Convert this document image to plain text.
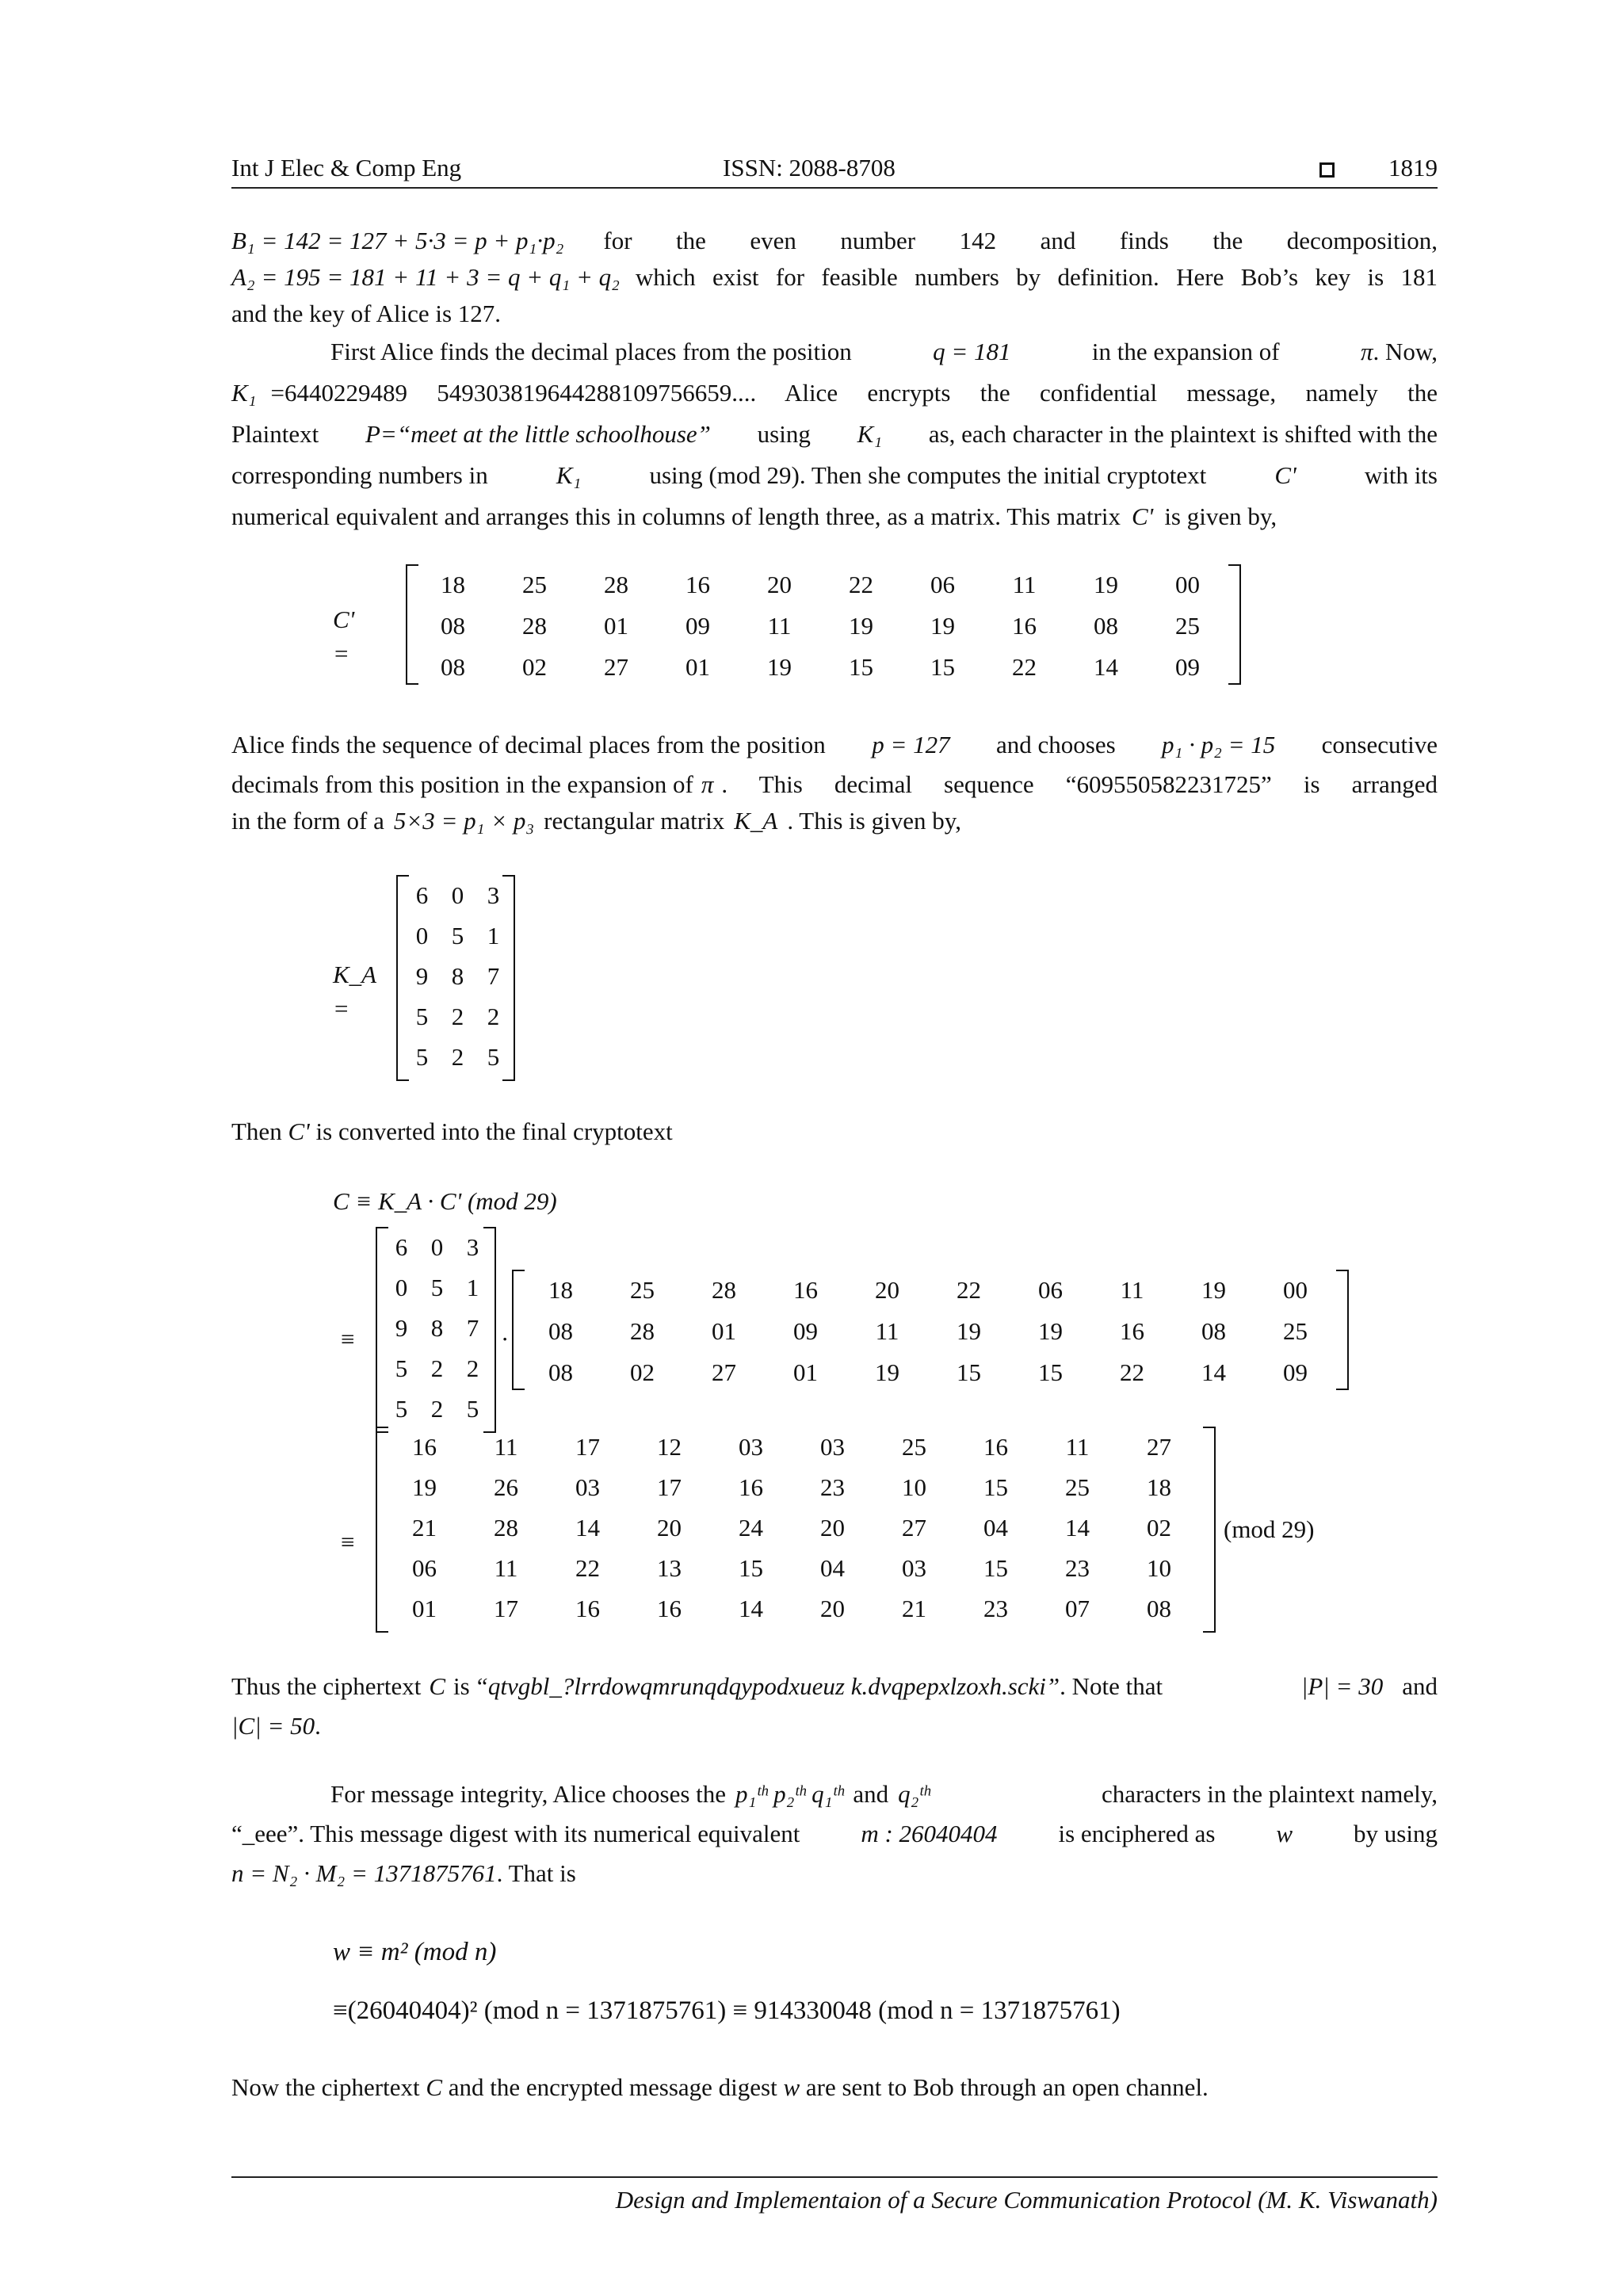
Int J Elec & Comp Eng	ISSN: 2088-8708	1819
B₁ = 142 = 127 + 5·3 = p + p₁·p₂ for the even number 142 and finds the decomposition,
A₂ = 195 = 181 + 11 + 3 = q + q₁ + q₂ which exist for feasible numbers by definition. Here Bob’s key is 181
and the key of Alice is 127.
First Alice finds the decimal places from the position	q = 181	in the expansion of	π. Now,
K₁ =6440229489 5493038196442881097566​59.... Alice encrypts the confidential message, namely the
Plaintext P=“meet at the little schoolhouse” using K₁ as, each character in the plaintext is shifted with the
corresponding numbers in	K₁	using (mod 29). Then she computes the initial cryptotext	C'	with its
numerical equivalent and arranges this in columns of length three, as a matrix. This matrix C' is given by,
C' =
18	25	28	16	20	22	06	11	19	00
08	28	01	09	11	19	19	16	08	25
08	02	27	01	19	15	15	22	14	09
Alice finds the sequence of decimal places from the position p = 127 and chooses p₁ · p₂ = 15 consecutive
decimals from this position in the expansion of π . This decimal sequence “609550582231725” is arranged
in the form of a 5×3 = p₁ × p₃ rectangular matrix K_A . This is given by,
K_A =
6 0 3
0 5 1
9 8 7
5 2 2
5 2 5
Then C' is converted into the final cryptotext
C ≡ K_A · C' (mod 29)
≡
6 0 3
0 5 1
9 8 7
5 2 2
5 2 5
·
18	25	28	16	20	22	06	11	19	00
08	28	01	09	11	19	19	16	08	25
08	02	27	01	19	15	15	22	14	09
≡
16	11	17	12	03	03	25	16	11	27
19	26	03	17	16	23	10	15	25	18
21	28	14	20	24	20	27	04	14	02
06	11	22	13	15	04	03	15	23	10
01	17	16	16	14	20	21	23	07	08
(mod 29)
Thus the ciphertext C is “qtvgbl_?lrrdowqmrunqdqypodxueuz k.dvqpepxlzoxh.scki” . Note that	|P| = 30 and
|C| = 50.
For message integrity, Alice chooses the p₁ᵗʰ p₂ᵗʰ q₁ᵗʰ and q₂ᵗʰ	characters in the plaintext namely,
“_eee”. This message digest with its numerical equivalent m : 26040404 is enciphered as w by using
n = N₂ · M₂ = 1371875761. That is
w ≡ m² (mod n)
≡(26040404)² (mod n = 1371875761) ≡ 914330048 (mod n = 1371875761)
Now the ciphertext C and the encrypted message digest w are sent to Bob through an open channel.
Design and Implementaion of a Secure Communication Protocol (M. K. Viswanath)
